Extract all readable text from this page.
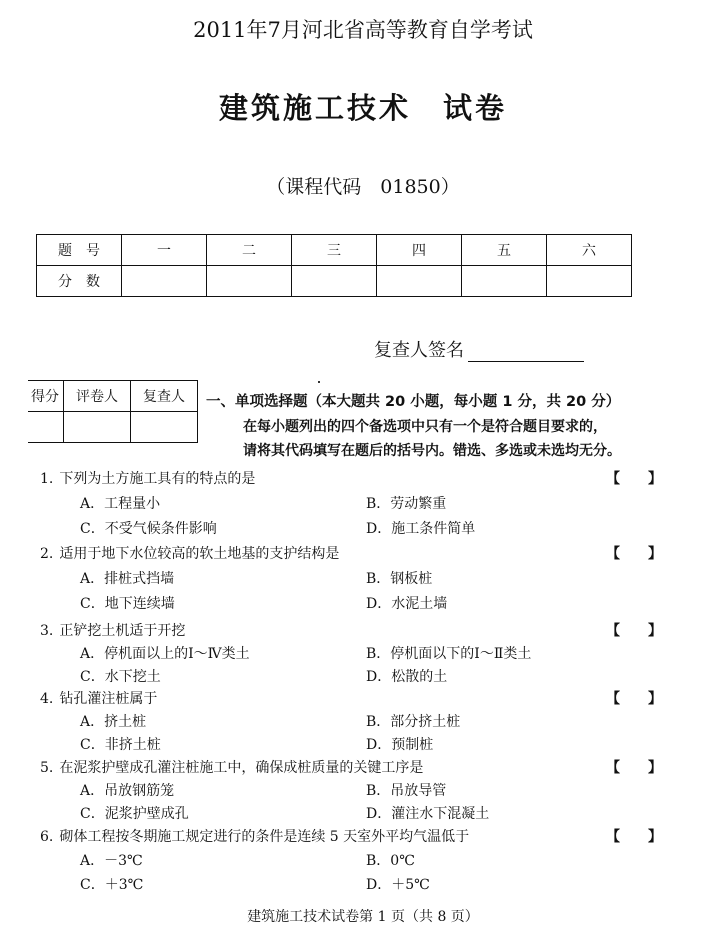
2011年7月河北省高等教育自学考试
建筑施工技术　试卷
（课程代码　01850）
题　号	一	二	三	四	五	六
分　数						
复查人签名
得分	评卷人	复查人
		一、单项选择题（本大题共 20 小题，每小题 1 分，共 20 分）
在每小题列出的四个备选项中只有一个是符合题目要求的，
请将其代码填写在题后的括号内。错选、多选或未选均无分。
1. 下列为土方施工具有的特点的是	【　　】
A．工程量小	B．劳动繁重
C．不受气候条件影响	D．施工条件简单
2. 适用于地下水位较高的软土地基的支护结构是	【　　】
A．排桩式挡墙	B．钢板桩
C．地下连续墙	D．水泥土墙
3. 正铲挖土机适于开挖	【　　】
A．停机面以上的Ⅰ～Ⅳ类土	B．停机面以下的Ⅰ～Ⅱ类土
C．水下挖土	D．松散的土
4. 钻孔灌注桩属于	【　　】
A．挤土桩	B．部分挤土桩
C．非挤土桩	D．预制桩
5. 在泥浆护壁成孔灌注桩施工中，确保成桩质量的关键工序是	【　　】
A．吊放钢筋笼	B．吊放导管
C．泥浆护壁成孔	D．灌注水下混凝土
6. 砌体工程按冬期施工规定进行的条件是连续 5 天室外平均气温低于	【　　】
A．－3℃	B．0℃
C．＋3℃	D．＋5℃
建筑施工技术试卷第 1 页（共 8 页）
